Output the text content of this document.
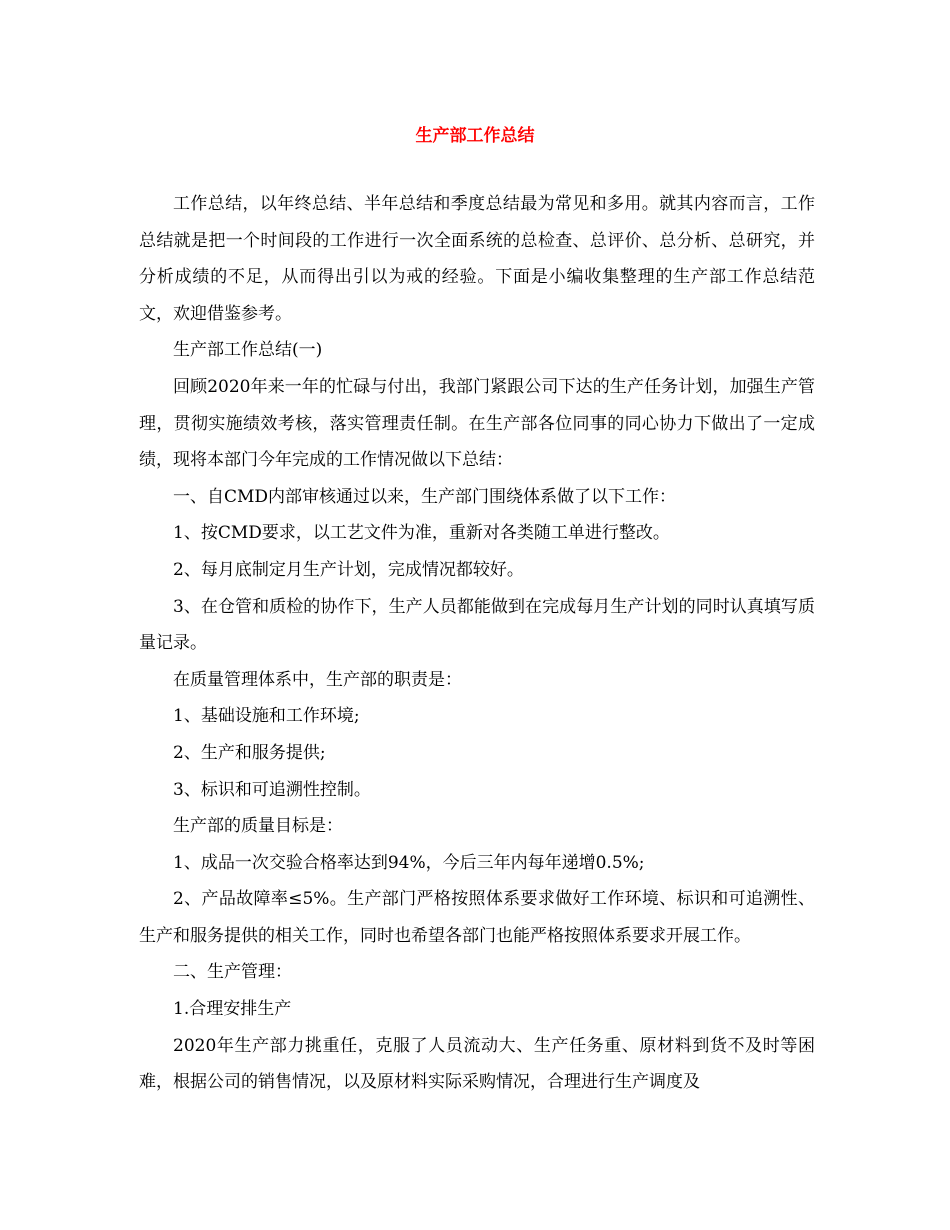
生产部工作总结

工作总结，以年终总结、半年总结和季度总结最为常见和多用。就其内容而言，工作总结就是把一个时间段的工作进行一次全面系统的总检查、总评价、总分析、总研究，并分析成绩的不足，从而得出引以为戒的经验。下面是小编收集整理的生产部工作总结范文，欢迎借鉴参考。

生产部工作总结(一)

回顾2020年来一年的忙碌与付出，我部门紧跟公司下达的生产任务计划，加强生产管理，贯彻实施绩效考核，落实管理责任制。在生产部各位同事的同心协力下做出了一定成绩，现将本部门今年完成的工作情况做以下总结：

一、自CMD内部审核通过以来，生产部门围绕体系做了以下工作：

1、按CMD要求，以工艺文件为准，重新对各类随工单进行整改。

2、每月底制定月生产计划，完成情况都较好。

3、在仓管和质检的协作下，生产人员都能做到在完成每月生产计划的同时认真填写质量记录。

在质量管理体系中，生产部的职责是：

1、基础设施和工作环境;

2、生产和服务提供;

3、标识和可追溯性控制。

生产部的质量目标是：

1、成品一次交验合格率达到94%，今后三年内每年递增0.5%;

2、产品故障率≤5%。生产部门严格按照体系要求做好工作环境、标识和可追溯性、生产和服务提供的相关工作，同时也希望各部门也能严格按照体系要求开展工作。

二、生产管理：

1.合理安排生产

2020年生产部力挑重任，克服了人员流动大、生产任务重、原材料到货不及时等困难，根据公司的销售情况，以及原材料实际采购情况，合理进行生产调度及
